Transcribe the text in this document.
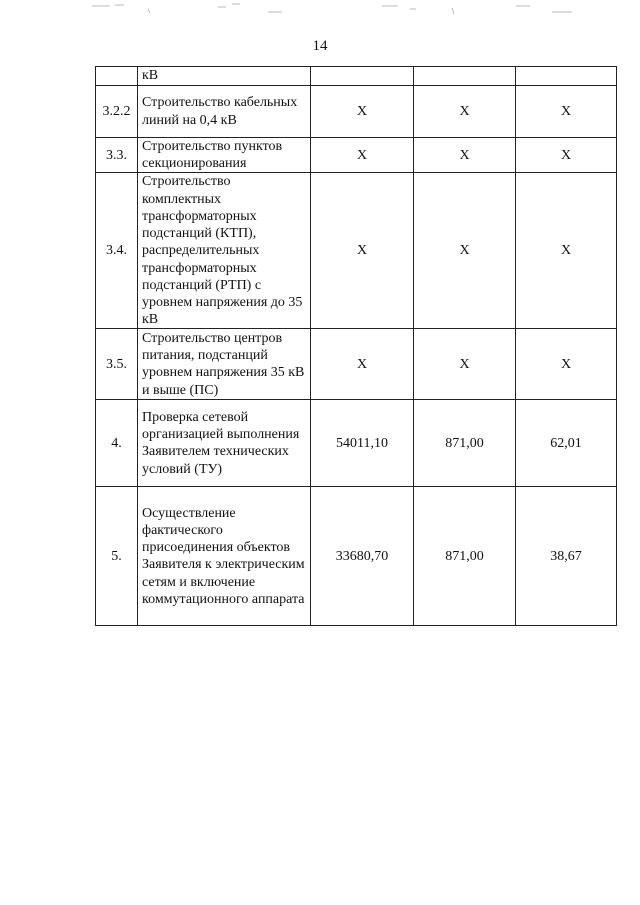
14
	кВ			
3.2.2	Строительство кабельных линий на 0,4 кВ	Х	Х	Х
3.3.	Строительство пунктов секционирования	Х	Х	Х
3.4.	Строительство комплектных трансформаторных подстанций (КТП), распределительных трансформаторных подстанций (РТП) с уровнем напряжения до 35 кВ	Х	Х	Х
3.5.	Строительство центров питания, подстанций уровнем напряжения 35 кВ и выше (ПС)	Х	Х	Х
4.	Проверка сетевой организацией выполнения Заявителем технических условий (ТУ)	54011,10	871,00	62,01
5.	Осуществление фактического присоединения объектов Заявителя к электрическим сетям и включение коммутационного аппарата	33680,70	871,00	38,67
